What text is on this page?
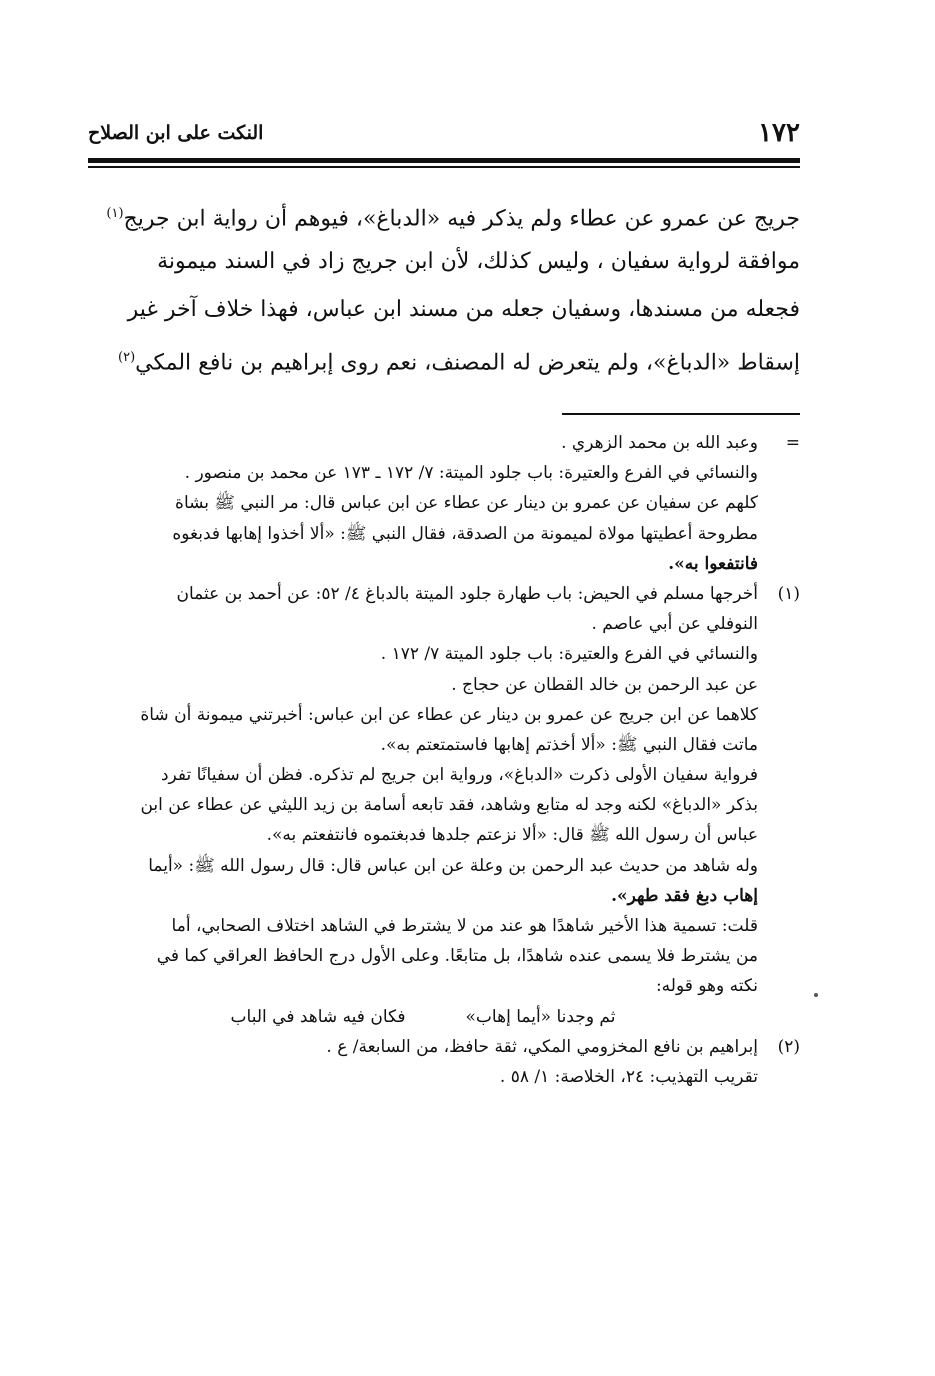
١٧٢
النكت على ابن الصلاح
جريج عن عمرو عن عطاء ولم يذكر فيه «الدباغ»، فيوهم أن رواية ابن جريج$^{(١)}$
موافقة لرواية سفيان ، وليس كذلك، لأن ابن جريج زاد في السند ميمونة
فجعله من مسندها، وسفيان جعله من مسند ابن عباس، فهذا خلاف آخر غير
إسقاط «الدباغ»، ولم يتعرض له المصنف، نعم روى إبراهيم بن نافع المكي$^{(٢)}$
=
وعبد الله بن محمد الزهري .
والنسائي في الفرع والعتيرة: باب جلود الميتة: ٧/ ١٧٢ ـ ١٧٣ عن محمد بن منصور .
كلهم عن سفيان عن عمرو بن دينار عن عطاء عن ابن عباس قال: مر النبي ﷺ بشاة
مطروحة أعطيتها مولاة لميمونة من الصدقة، فقال النبي ﷺ: «ألا أخذوا إهابها فدبغوه
فانتفعوا به».
(١)
أخرجها مسلم في الحيض: باب طهارة جلود الميتة بالدباغ ٤/ ٥٢: عن أحمد بن عثمان
النوفلي عن أبي عاصم .
والنسائي في الفرع والعتيرة: باب جلود الميتة ٧/ ١٧٢ .
عن عبد الرحمن بن خالد القطان عن حجاج .
كلاهما عن ابن جريج عن عمرو بن دينار عن عطاء عن ابن عباس: أخبرتني ميمونة أن شاة
ماتت فقال النبي ﷺ: «ألا أخذتم إهابها فاستمتعتم به».
فرواية سفيان الأولى ذكرت «الدباغ»، ورواية ابن جريج لم تذكره. فظن أن سفيانًا تفرد
بذكر «الدباغ» لكنه وجد له متابع وشاهد، فقد تابعه أسامة بن زيد الليثي عن عطاء عن ابن
عباس أن رسول الله ﷺ قال: «ألا نزعتم جلدها فدبغتموه فانتفعتم به».
وله شاهد من حديث عبد الرحمن بن وعلة عن ابن عباس قال: قال رسول الله ﷺ: «أيما
إهاب دبغ فقد طهر».
قلت: تسمية هذا الأخير شاهدًا هو عند من لا يشترط في الشاهد اختلاف الصحابي، أما
من يشترط فلا يسمى عنده شاهدًا، بل متابعًا. وعلى الأول درج الحافظ العراقي كما في
نكته وهو قوله:
ثم وجدنا «أيما إهاب»
فكان فيه شاهد في الباب
(٢)
إبراهيم بن نافع المخزومي المكي، ثقة حافظ، من السابعة/ ع .
تقريب التهذيب: ٢٤، الخلاصة: ١/ ٥٨ .
